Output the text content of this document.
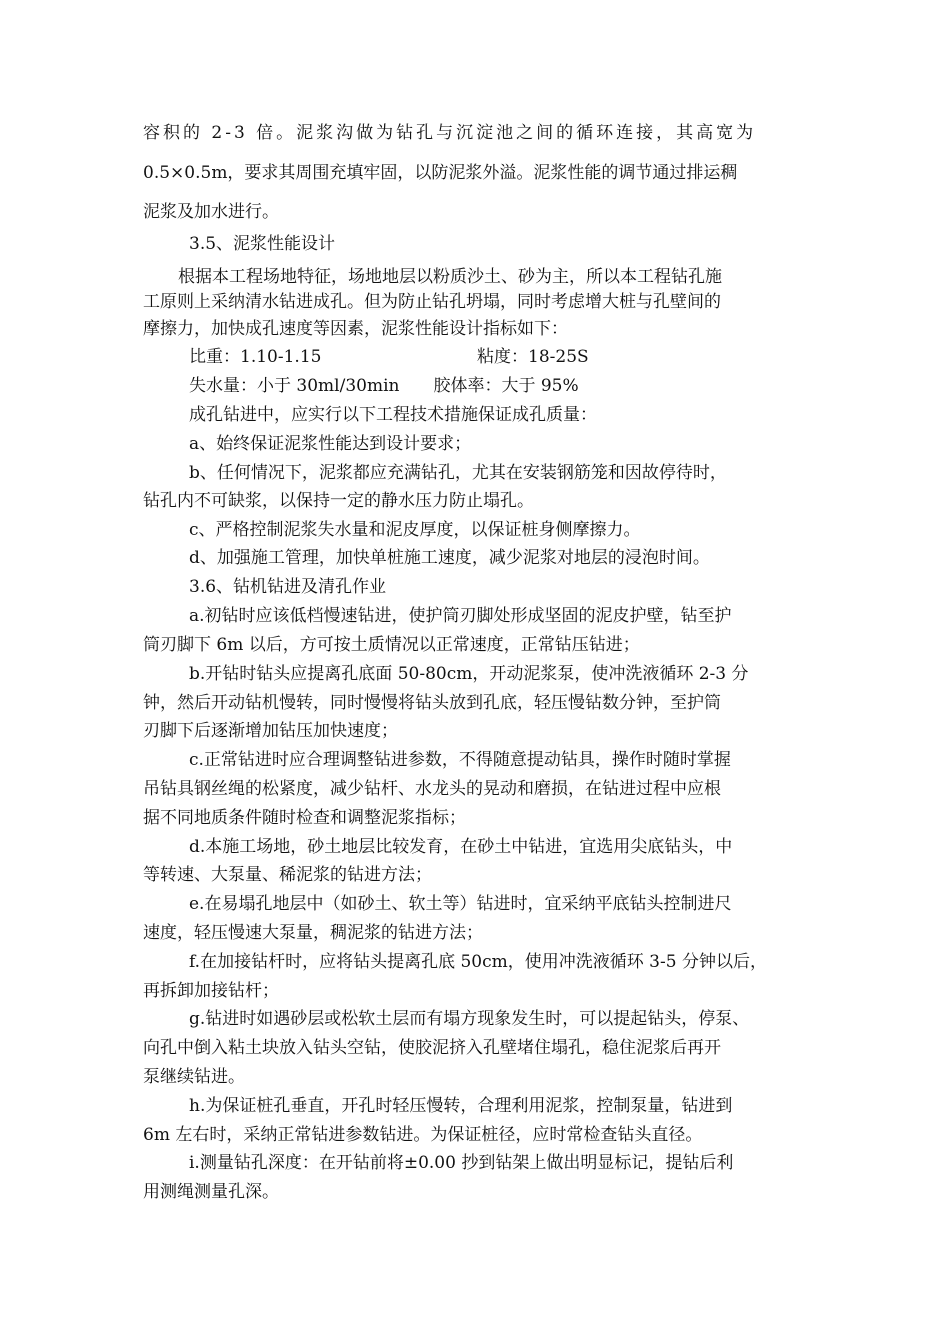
容积的 2-3 倍。泥浆沟做为钻孔与沉淀池之间的循环连接，其高宽为
0.5×0.5m，要求其周围充填牢固，以防泥浆外溢。泥浆性能的调节通过排运稠
泥浆及加水进行。
3.5、泥浆性能设计
根据本工程场地特征，场地地层以粉质沙土、砂为主，所以本工程钻孔施
工原则上采纳清水钻进成孔。但为防止钻孔坍塌，同时考虑增大桩与孔壁间的
摩擦力，加快成孔速度等因素，泥浆性能设计指标如下：
比重：1.10-1.15	粘度：18-25S
失水量：小于 30ml/30min　　胶体率：大于 95%
成孔钻进中，应实行以下工程技术措施保证成孔质量：
a、始终保证泥浆性能达到设计要求；
b、任何情况下，泥浆都应充满钻孔，尤其在安装钢筋笼和因故停待时，
钻孔内不可缺浆，以保持一定的静水压力防止塌孔。
c、严格控制泥浆失水量和泥皮厚度，以保证桩身侧摩擦力。
d、加强施工管理，加快单桩施工速度，减少泥浆对地层的浸泡时间。
3.6、钻机钻进及清孔作业
a.初钻时应该低档慢速钻进，使护筒刃脚处形成坚固的泥皮护壁，钻至护
筒刃脚下 6m 以后，方可按土质情况以正常速度，正常钻压钻进；
b.开钻时钻头应提离孔底面 50-80cm，开动泥浆泵，使冲洗液循环 2-3 分
钟，然后开动钻机慢转，同时慢慢将钻头放到孔底，轻压慢钻数分钟，至护筒
刃脚下后逐渐增加钻压加快速度；
c.正常钻进时应合理调整钻进参数，不得随意提动钻具，操作时随时掌握
吊钻具钢丝绳的松紧度，减少钻杆、水龙头的晃动和磨损，在钻进过程中应根
据不同地质条件随时检查和调整泥浆指标；
d.本施工场地，砂土地层比较发育，在砂土中钻进，宜选用尖底钻头，中
等转速、大泵量、稀泥浆的钻进方法；
e.在易塌孔地层中（如砂土、软土等）钻进时，宜采纳平底钻头控制进尺
速度，轻压慢速大泵量，稠泥浆的钻进方法；
f.在加接钻杆时，应将钻头提离孔底 50cm，使用冲洗液循环 3-5 分钟以后，
再拆卸加接钻杆；
g.钻进时如遇砂层或松软土层而有塌方现象发生时，可以提起钻头，停泵、
向孔中倒入粘土块放入钻头空钻，使胶泥挤入孔壁堵住塌孔，稳住泥浆后再开
泵继续钻进。
h.为保证桩孔垂直，开孔时轻压慢转，合理利用泥浆，控制泵量，钻进到
6m 左右时，采纳正常钻进参数钻进。为保证桩径，应时常检查钻头直径。
i.测量钻孔深度：在开钻前将±0.00 抄到钻架上做出明显标记，提钻后利
用测绳测量孔深。
